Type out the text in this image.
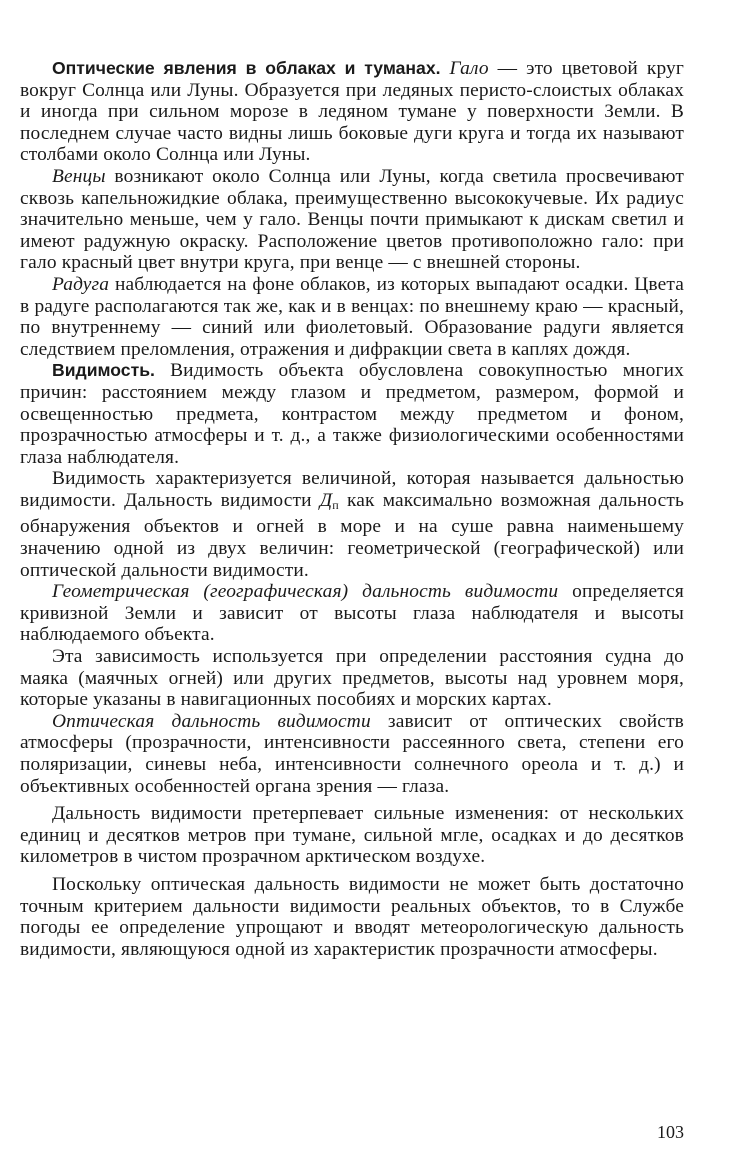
Оптические явления в облаках и туманах. Гало — это цветовой круг вокруг Солнца или Луны. Образуется при ледяных перисто-слоистых облаках и иногда при сильном морозе в ледяном тумане у поверхности Земли. В последнем случае часто видны лишь боковые дуги круга и тогда их называют столбами около Солнца или Луны.

Венцы возникают около Солнца или Луны, когда светила просвечивают сквозь капельножидкие облака, преимущественно высококучевые. Их радиус значительно меньше, чем у гало. Венцы почти примыкают к дискам светил и имеют радужную окраску. Расположение цветов противоположно гало: при гало красный цвет внутри круга, при венце — с внешней стороны.

Радуга наблюдается на фоне облаков, из которых выпадают осадки. Цвета в радуге располагаются так же, как и в венцах: по внешнему краю — красный, по внутреннему — синий или фиолетовый. Образование радуги является следствием преломления, отражения и дифракции света в каплях дождя.

Видимость. Видимость объекта обусловлена совокупностью многих причин: расстоянием между глазом и предметом, размером, формой и освещенностью предмета, контрастом между предметом и фоном, прозрачностью атмосферы и т. д., а также физиологическими особенностями глаза наблюдателя.

Видимость характеризуется величиной, которая называется дальностью видимости. Дальность видимости $Д_п$ как максимально возможная дальность обнаружения объектов и огней в море и на суше равна наименьшему значению одной из двух величин: геометрической (географической) или оптической дальности видимости.

Геометрическая (географическая) дальность видимости определяется кривизной Земли и зависит от высоты глаза наблюдателя и высоты наблюдаемого объекта.

Эта зависимость используется при определении расстояния судна до маяка (маячных огней) или других предметов, высоты над уровнем моря, которые указаны в навигационных пособиях и морских картах.

Оптическая дальность видимости зависит от оптических свойств атмосферы (прозрачности, интенсивности рассеянного света, степени его поляризации, синевы неба, интенсивности солнечного ореола и т. д.) и объективных особенностей органа зрения — глаза.

Дальность видимости претерпевает сильные изменения: от нескольких единиц и десятков метров при тумане, сильной мгле, осадках и до десятков километров в чистом прозрачном арктическом воздухе.

Поскольку оптическая дальность видимости не может быть достаточно точным критерием дальности видимости реальных объектов, то в Службе погоды ее определение упрощают и вводят метеорологическую дальность видимости, являющуюся одной из характеристик прозрачности атмосферы.

103
